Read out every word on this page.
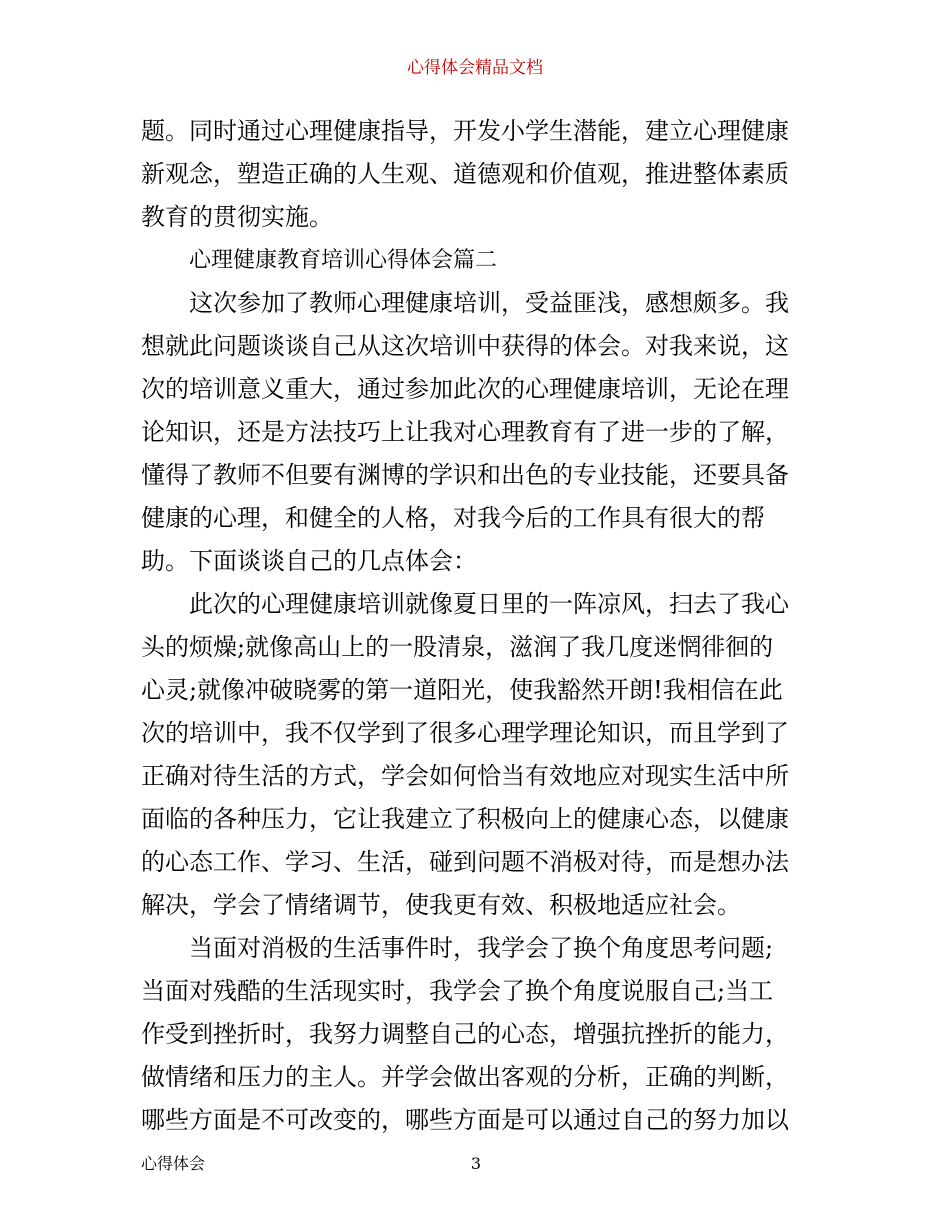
心得体会精品文档
题。同时通过心理健康指导，开发小学生潜能，建立心理健康
新观念，塑造正确的人生观、道德观和价值观，推进整体素质
教育的贯彻实施。
心理健康教育培训心得体会篇二
这次参加了教师心理健康培训，受益匪浅，感想颇多。我
想就此问题谈谈自己从这次培训中获得的体会。对我来说，这
次的培训意义重大，通过参加此次的心理健康培训，无论在理
论知识，还是方法技巧上让我对心理教育有了进一步的了解，
懂得了教师不但要有渊博的学识和出色的专业技能，还要具备
健康的心理，和健全的人格，对我今后的工作具有很大的帮
助。下面谈谈自己的几点体会：
此次的心理健康培训就像夏日里的一阵凉风，扫去了我心
头的烦燥;就像高山上的一股清泉，滋润了我几度迷惘徘徊的
心灵;就像冲破晓雾的第一道阳光，使我豁然开朗!我相信在此
次的培训中，我不仅学到了很多心理学理论知识，而且学到了
正确对待生活的方式，学会如何恰当有效地应对现实生活中所
面临的各种压力，它让我建立了积极向上的健康心态，以健康
的心态工作、学习、生活，碰到问题不消极对待，而是想办法
解决，学会了情绪调节，使我更有效、积极地适应社会。
当面对消极的生活事件时，我学会了换个角度思考问题;
当面对残酷的生活现实时，我学会了换个角度说服自己;当工
作受到挫折时，我努力调整自己的心态，增强抗挫折的能力，
做情绪和压力的主人。并学会做出客观的分析，正确的判断，
哪些方面是不可改变的，哪些方面是可以通过自己的努力加以
心得体会	3
